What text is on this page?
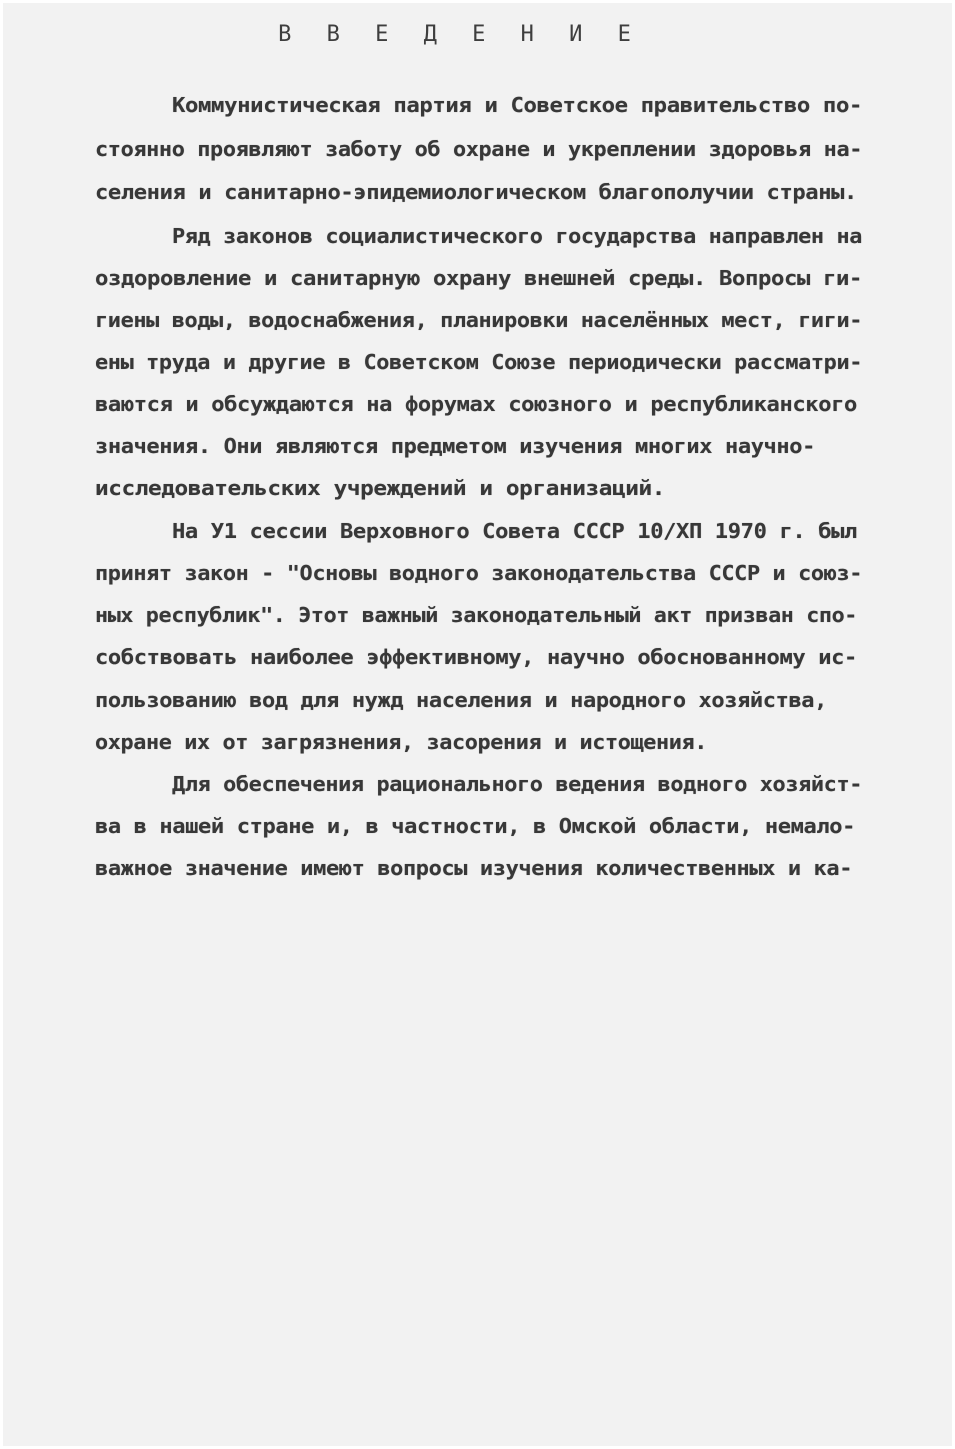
В В Е Д Е Н И Е
Коммунистическая партия и Советское правительство по-
стоянно проявляют заботу об охране и укреплении здоровья на-
селения и санитарно-эпидемиологическом благополучии страны.
Ряд законов социалистического государства направлен на
оздоровление и санитарную охрану внешней среды. Вопросы ги-
гиены воды, водоснабжения, планировки населённых мест, гиги-
ены труда и другие в Советском Союзе периодически рассматри-
ваются и обсуждаются на форумах союзного и республиканского
значения. Они являются предметом изучения многих научно-
исследовательских учреждений и организаций.
На У1 сессии Верховного Совета СССР 10/ХП 1970 г. был
принят закон - "Основы водного законодательства СССР и союз-
ных республик". Этот важный законодательный акт призван спо-
собствовать наиболее эффективному, научно обоснованному ис-
пользованию вод для нужд населения и народного хозяйства,
охране их от загрязнения, засорения и истощения.
Для обеспечения рационального ведения водного хозяйст-
ва в нашей стране и, в частности, в Омской области, немало-
важное значение имеют вопросы изучения количественных и ка-
